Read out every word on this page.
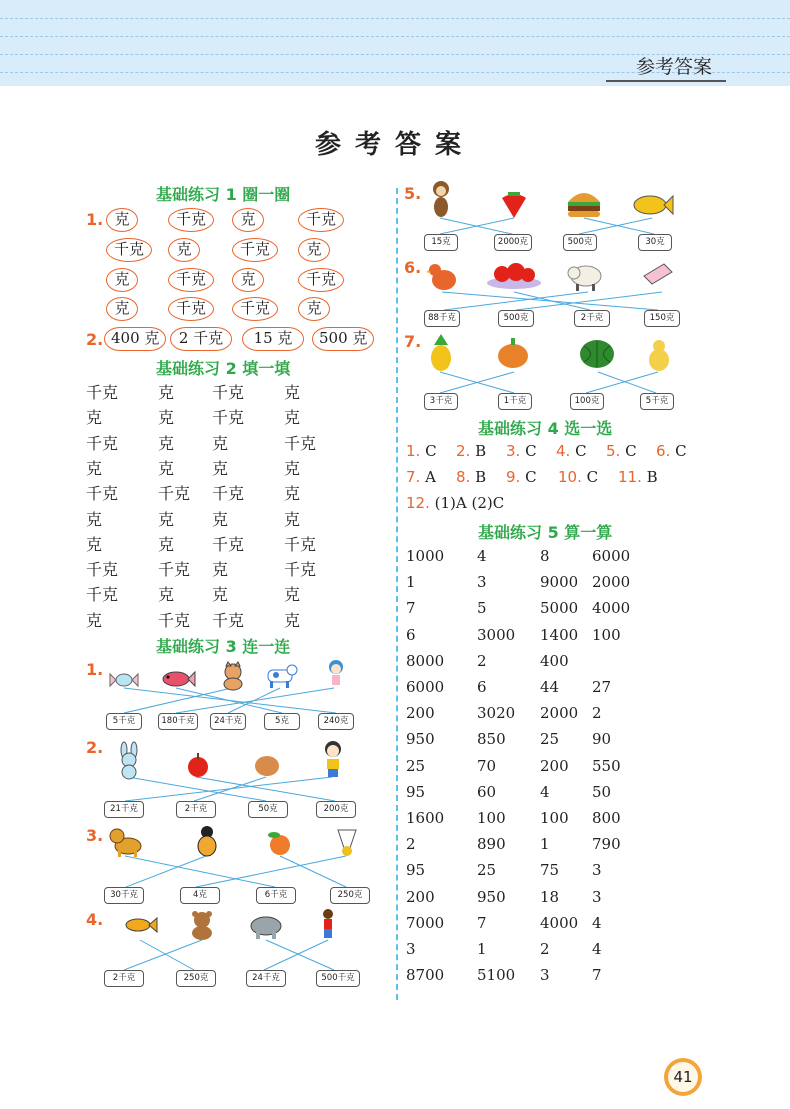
参考答案
参考答案
基础练习 1 圈一圈
1. 克	千克	克	千克
千克	克	千克	克
克	千克	克	千克
克	千克	千克	克
2. 400 克	2 千克	15 克	500 克
基础练习 2 填一填
千克 克 千克 克
克	克 千克 克
千克 克 克	千克
克	克 克	克
千克 千克 千克 克
克	克 克	克
克	克 千克 千克
千克 千克 克	千克
千克 克 克	克
克	千克 千克 克
基础练习 3 连一连
1.
2.
3.
4.
5.
6.
7.
5千克	180千克	24千克	5克	240克
21千克	2千克	50克	200克
30千克	4克	6千克	250克
2千克	250克	24千克	500千克
15克	2000克	500克	30克
88千克	500克	2千克	150克
3千克	1千克	100克	5千克
基础练习 4 选一选
1. C 2. B 3. C 4. C 5. C 6. C
7. A 8. B 9. C 10. C 11. B
12. (1)A (2)C
基础练习 5 算一算
1000 4	8	6000
1	3	9000 2000
7	5	5000 4000
6	3000 1400 100
8000 2	400
6000 6	44 27
200	3020 2000 2
950	850 25 90
25	70	200 550
95	60	4	50
1600 100 100 800
2	890 1	790
95	25	75 3
200	950 18 3
7000 7	4000 4
3	1	2	4
8700 5100 3	7
41
